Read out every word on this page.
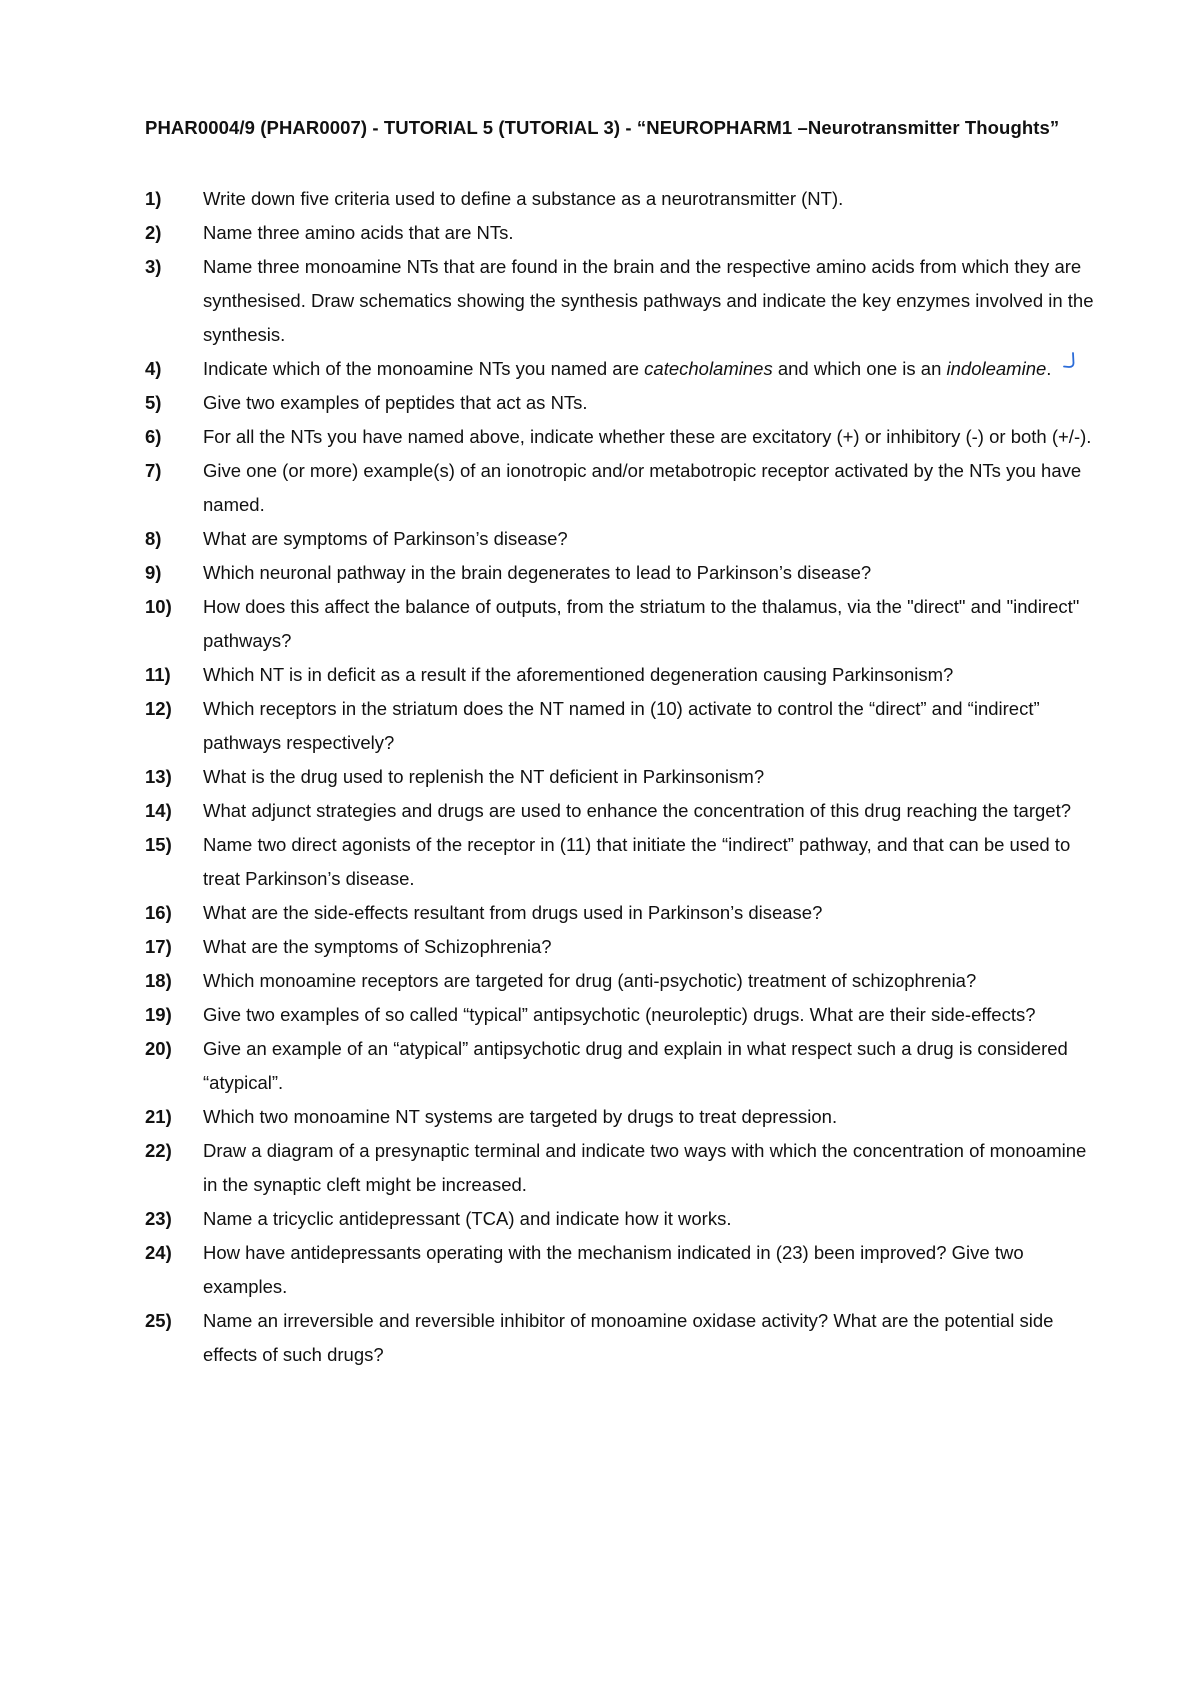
PHAR0004/9 (PHAR0007) - TUTORIAL 5 (TUTORIAL 3) - “NEUROPHARM1 –Neurotransmitter Thoughts”
1)	Write down five criteria used to define a substance as a neurotransmitter (NT).
2)	Name three amino acids that are NTs.
3)	Name three monoamine NTs that are found in the brain and the respective amino acids from which they are synthesised. Draw schematics showing the synthesis pathways and indicate the key enzymes involved in the synthesis.
4)	Indicate which of the monoamine NTs you named are catecholamines and which one is an indoleamine.
5)	Give two examples of peptides that act as NTs.
6)	For all the NTs you have named above, indicate whether these are excitatory (+) or inhibitory (-) or both (+/-).
7)	Give one (or more) example(s) of an ionotropic and/or metabotropic receptor activated by the NTs you have named.
8)	What are symptoms of Parkinson’s disease?
9)	Which neuronal pathway in the brain degenerates to lead to Parkinson’s disease?
10)	How does this affect the balance of outputs, from the striatum to the thalamus, via the "direct" and "indirect" pathways?
11)	Which NT is in deficit as a result if the aforementioned degeneration causing Parkinsonism?
12)	Which receptors in the striatum does the NT named in (10) activate to control the “direct” and “indirect” pathways respectively?
13)	What is the drug used to replenish the NT deficient in Parkinsonism?
14)	What adjunct strategies and drugs are used to enhance the concentration of this drug reaching the target?
15)	Name two direct agonists of the receptor in (11) that initiate the “indirect” pathway, and that can be used to treat Parkinson’s disease.
16)	What are the side-effects resultant from drugs used in Parkinson’s disease?
17)	What are the symptoms of Schizophrenia?
18)	Which monoamine receptors are targeted for drug (anti-psychotic) treatment of schizophrenia?
19)	Give two examples of so called “typical” antipsychotic (neuroleptic) drugs. What are their side-effects?
20)	Give an example of an “atypical” antipsychotic drug and explain in what respect such a drug is considered “atypical”.
21)	Which two monoamine NT systems are targeted by drugs to treat depression.
22)	Draw a diagram of a presynaptic terminal and indicate two ways with which the concentration of monoamine in the synaptic cleft might be increased.
23)	Name a tricyclic antidepressant (TCA) and indicate how it works.
24)	How have antidepressants operating with the mechanism indicated in (23) been improved? Give two examples.
25)	Name an irreversible and reversible inhibitor of monoamine oxidase activity? What are the potential side effects of such drugs?
